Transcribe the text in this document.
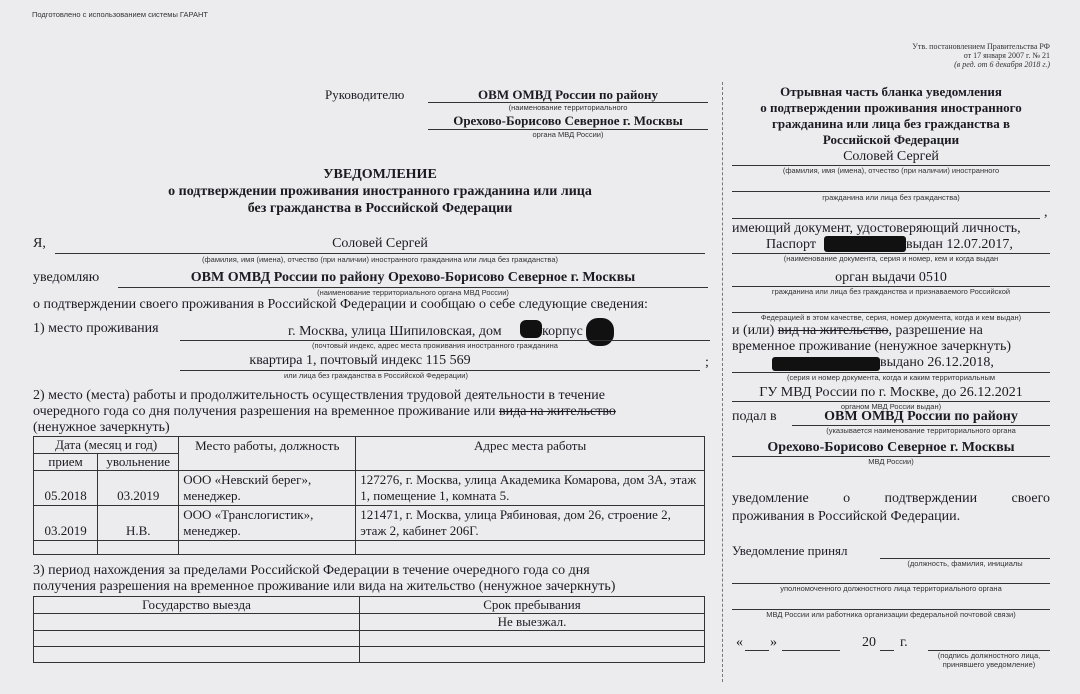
Подготовлено с использованием системы ГАРАНТ
Утв. постановлением Правительства РФ
от 17 января 2007 г. № 21
(в ред. от 6 декабря 2018 г.)
Руководителю	ОВМ ОМВД России по району
(наименование территориального
Орехово-Борисово Северное г. Москвы
органа МВД России)
УВЕДОМЛЕНИЕ
о подтверждении проживания иностранного гражданина или лица
без гражданства в Российской Федерации
Я,	Соловей Сергей
(фамилия, имя (имена), отчество (при наличии) иностранного гражданина или лица без гражданства)
уведомляю	ОВМ ОМВД России по району Орехово-Борисово Северное г. Москвы
(наименование территориального органа МВД России)
о подтверждении своего проживания в Российской Федерации и сообщаю о себе следующие сведения:
1) место проживания	г. Москва, улица Шипиловская, дом	корпус
(почтовый индекс, адрес места проживания иностранного гражданина
квартира 1, почтовый индекс 115 569	;
или лица без гражданства в Российской Федерации)
2) место (места) работы и продолжительность осуществления трудовой деятельности в течение
очередного года со дня получения разрешения на временное проживание или вида на жительство
(ненужное зачеркнуть)
Дата (месяц и год)		Место работы, должность	Адрес места работы
прием	увольнение		
05.2018	03.2019	ООО «Невский берег», менеджер.	127276, г. Москва, улица Академика Комарова, дом 3А, этаж 1, помещение 1, комната 5.
03.2019	Н.В.	ООО «Транслогистик», менеджер.	121471, г. Москва, улица Рябиновая, дом 26, строение 2, этаж 2, кабинет 206Г.

3) период нахождения за пределами Российской Федерации в течение очередного года со дня
получения разрешения на временное проживание или вида на жительство (ненужное зачеркнуть)
Государство выезда	Срок пребывания
	Не выезжал.

Отрывная часть бланка уведомления
о подтверждении проживания иностранного
гражданина или лица без гражданства в
Российской Федерации
Соловей Сергей
(фамилия, имя (имена), отчество (при наличии) иностранного
гражданина или лица без гражданства)
,
имеющий документ, удостоверяющий личность,
Паспорт	выдан 12.07.2017,
(наименование документа, серия и номер, кем и когда выдан
орган выдачи 0510
гражданина или лица без гражданства и признаваемого Российской
Федерацией в этом качестве, серия, номер документа, когда и кем выдан)
и (или) вид на жительство, разрешение на
временное проживание (ненужное зачеркнуть)
выдано 26.12.2018,
(серия и номер документа, когда и каким территориальным
ГУ МВД России по г. Москве, до 26.12.2021
органом МВД России выдан)
подал в	ОВМ ОМВД России по району
(указывается наименование территориального органа
Орехово-Борисово Северное г. Москвы
МВД России)
уведомление о подтверждении своего
проживания в Российской Федерации.
Уведомление принял
(должность, фамилия, инициалы
уполномоченного должностного лица территориального органа
МВД России или работника организации федеральной почтовой связи)
« »	20 г.
(подпись должностного лица,
принявшего уведомление)
